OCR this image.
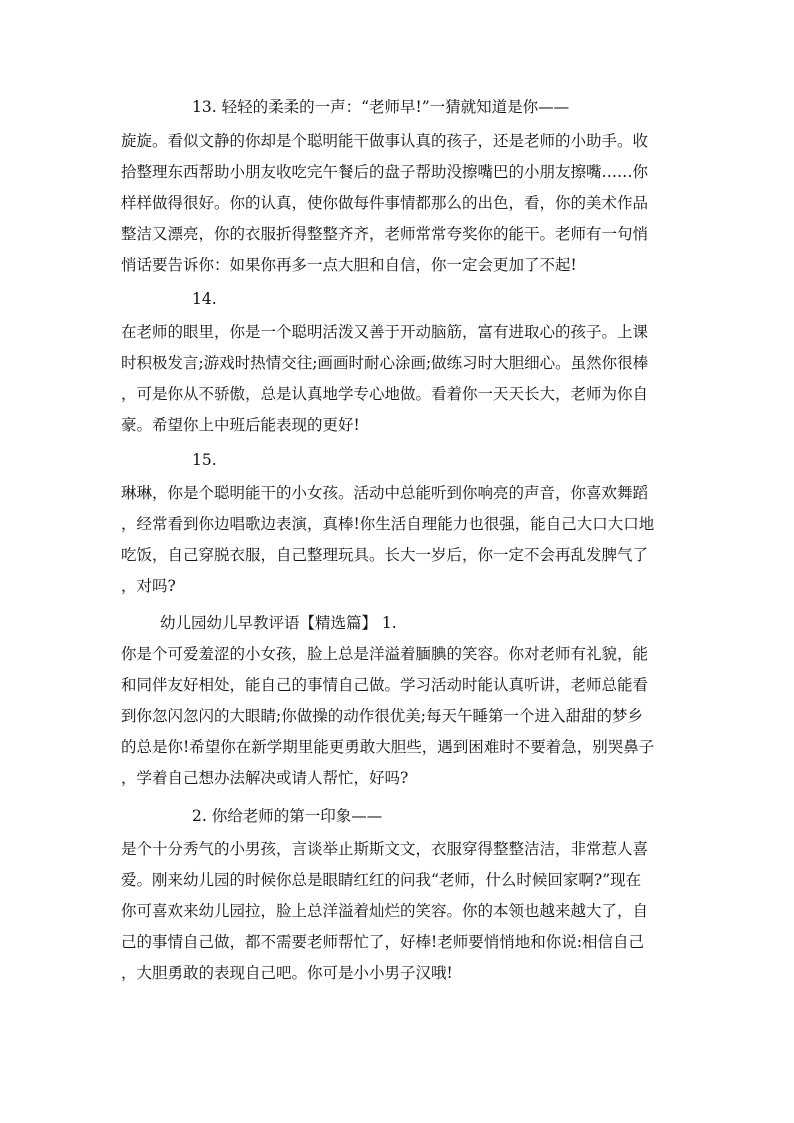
13. 轻轻的柔柔的一声：“老师早!”一猜就知道是你——
旋旋。看似文静的你却是个聪明能干做事认真的孩子，还是老师的小助手。收
拾整理东西帮助小朋友收吃完午餐后的盘子帮助没擦嘴巴的小朋友擦嘴……你
样样做得很好。你的认真，使你做每件事情都那么的出色，看，你的美术作品
整洁又漂亮，你的衣服折得整整齐齐，老师常常夸奖你的能干。老师有一句悄
悄话要告诉你：如果你再多一点大胆和自信，你一定会更加了不起!
14.
在老师的眼里，你是一个聪明活泼又善于开动脑筋，富有进取心的孩子。上课
时积极发言;游戏时热情交往;画画时耐心涂画;做练习时大胆细心。虽然你很棒
，可是你从不骄傲，总是认真地学专心地做。看着你一天天长大，老师为你自
豪。希望你上中班后能表现的更好!
15.
琳琳，你是个聪明能干的小女孩。活动中总能听到你响亮的声音，你喜欢舞蹈
，经常看到你边唱歌边表演，真棒!你生活自理能力也很强，能自己大口大口地
吃饭，自己穿脱衣服，自己整理玩具。长大一岁后，你一定不会再乱发脾气了
，对吗?
幼儿园幼儿早教评语【精选篇】 1.
你是个可爱羞涩的小女孩，脸上总是洋溢着腼腆的笑容。你对老师有礼貌，能
和同伴友好相处，能自己的事情自己做。学习活动时能认真听讲，老师总能看
到你忽闪忽闪的大眼睛;你做操的动作很优美;每天午睡第一个进入甜甜的梦乡
的总是你!希望你在新学期里能更勇敢大胆些，遇到困难时不要着急，别哭鼻子
，学着自己想办法解决或请人帮忙，好吗?
2. 你给老师的第一印象——
是个十分秀气的小男孩，言谈举止斯斯文文，衣服穿得整整洁洁，非常惹人喜
爱。刚来幼儿园的时候你总是眼睛红红的问我“老师，什么时候回家啊?”现在
你可喜欢来幼儿园拉，脸上总洋溢着灿烂的笑容。你的本领也越来越大了，自
己的事情自己做，都不需要老师帮忙了，好棒!老师要悄悄地和你说:相信自己
，大胆勇敢的表现自己吧。你可是小小男子汉哦!
